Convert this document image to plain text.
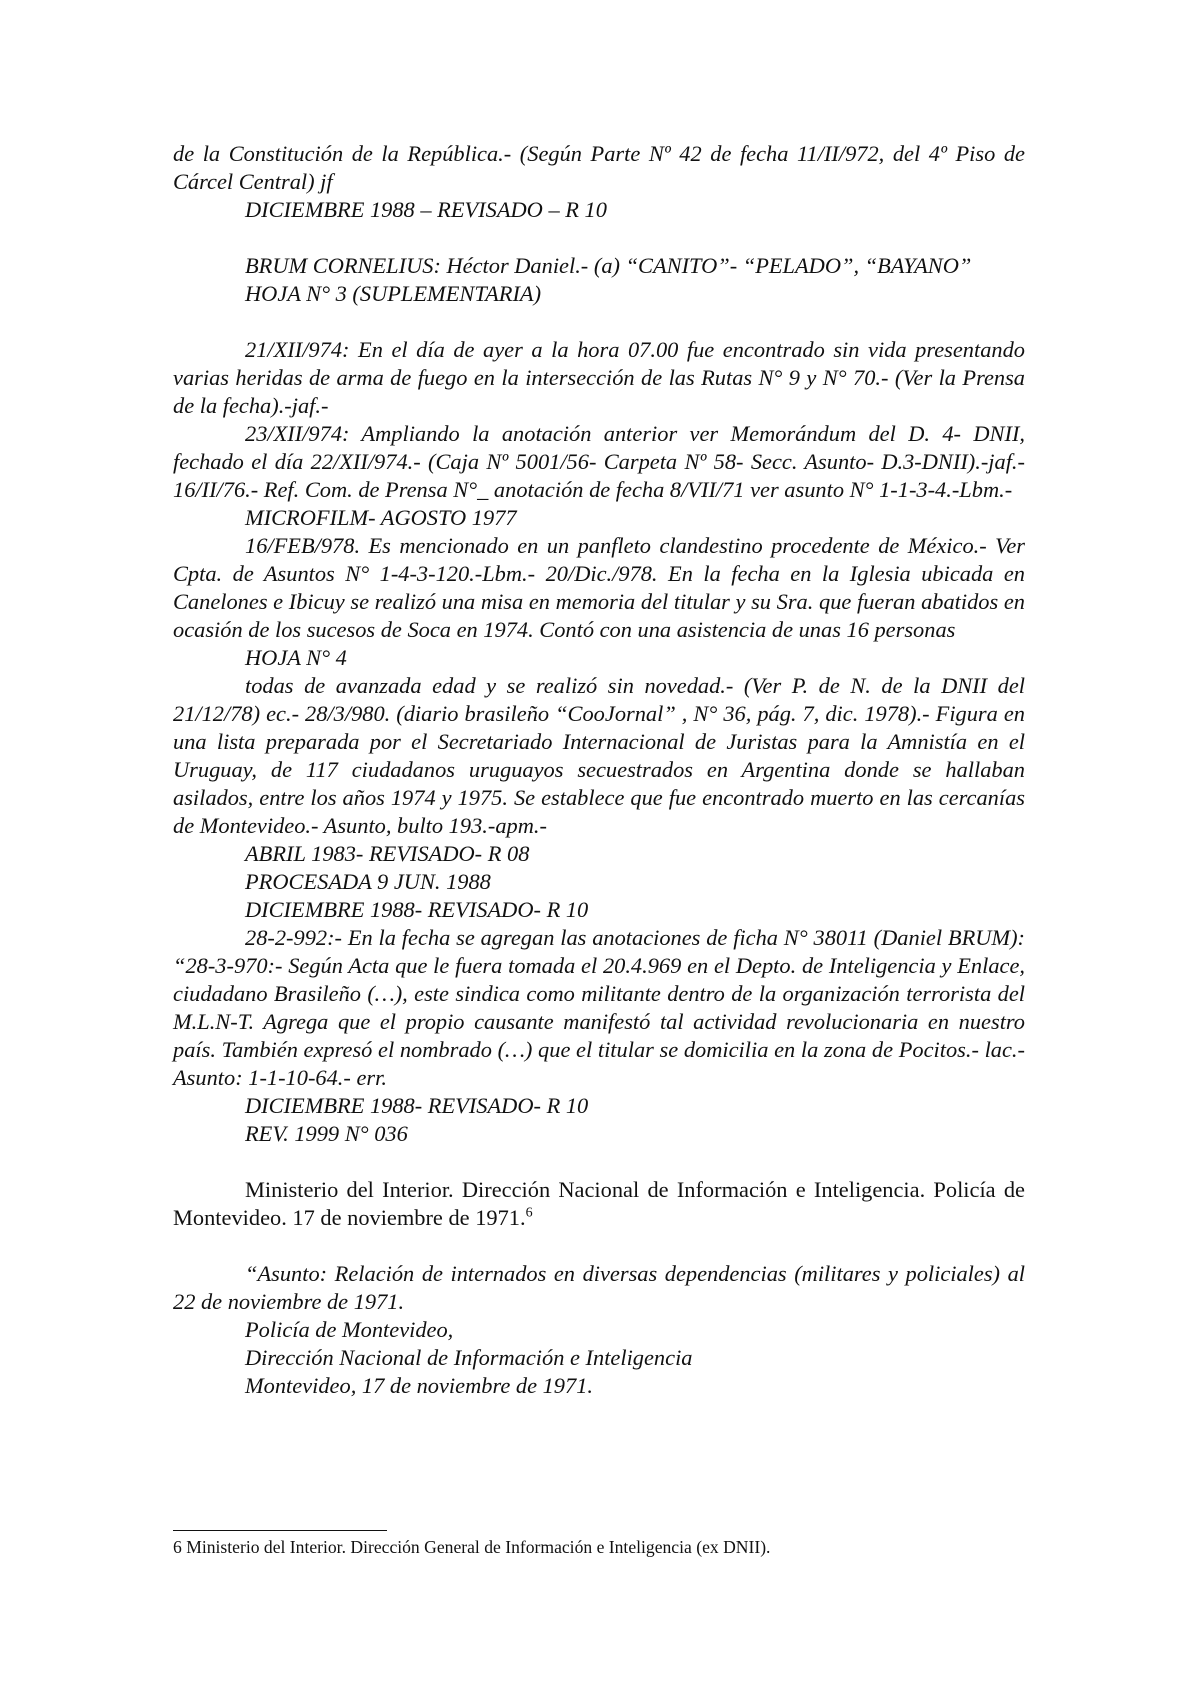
de la Constitución de la República.- (Según Parte Nº 42 de fecha 11/II/972, del 4º Piso de Cárcel Central) jf

DICIEMBRE 1988 – REVISADO – R 10

BRUM CORNELIUS: Héctor Daniel.- (a) “CANITO”- “PELADO”, “BAYANO”

HOJA N° 3 (SUPLEMENTARIA)

21/XII/974: En el día de ayer a la hora 07.00 fue encontrado sin vida presentando varias heridas de arma de fuego en la intersección de las Rutas N° 9 y N° 70.- (Ver la Prensa de la fecha).-jaf.-

23/XII/974: Ampliando la anotación anterior ver Memorándum del D. 4- DNII, fechado el día 22/XII/974.- (Caja Nº 5001/56- Carpeta Nº 58- Secc. Asunto- D.3-DNII).-jaf.- 16/II/76.- Ref. Com. de Prensa N°_ anotación de fecha 8/VII/71 ver asunto N° 1-1-3-4.-Lbm.-

MICROFILM- AGOSTO 1977

16/FEB/978. Es mencionado en un panfleto clandestino procedente de México.- Ver Cpta. de Asuntos N° 1-4-3-120.-Lbm.- 20/Dic./978. En la fecha en la Iglesia ubicada en Canelones e Ibicuy se realizó una misa en memoria del titular y su Sra. que fueran abatidos en ocasión de los sucesos de Soca en 1974. Contó con una asistencia de unas 16 personas

HOJA N° 4

todas de avanzada edad y se realizó sin novedad.- (Ver P. de N. de la DNII del 21/12/78) ec.- 28/3/980. (diario brasileño “CooJornal” , N° 36, pág. 7, dic. 1978).- Figura en una lista preparada por el Secretariado Internacional de Juristas para la Amnistía en el Uruguay, de 117 ciudadanos uruguayos secuestrados en Argentina donde se hallaban asilados, entre los años 1974 y 1975. Se establece que fue encontrado muerto en las cercanías de Montevideo.- Asunto, bulto 193.-apm.-

ABRIL 1983- REVISADO- R 08

PROCESADA 9 JUN. 1988

DICIEMBRE 1988- REVISADO- R 10

28-2-992:- En la fecha se agregan las anotaciones de ficha N° 38011 (Daniel BRUM): “28-3-970:- Según Acta que le fuera tomada el 20.4.969 en el Depto. de Inteligencia y Enlace, ciudadano Brasileño (…), este sindica como militante dentro de la organización terrorista del M.L.N-T. Agrega que el propio causante manifestó tal actividad revolucionaria en nuestro país. También expresó el nombrado (…) que el titular se domicilia en la zona de Pocitos.- lac.- Asunto: 1-1-10-64.- err.

DICIEMBRE 1988- REVISADO- R 10

REV. 1999 N° 036

Ministerio del Interior. Dirección Nacional de Información e Inteligencia. Policía de Montevideo. 17 de noviembre de 1971.$^6$

“Asunto: Relación de internados en diversas dependencias (militares y policiales) al 22 de noviembre de 1971.

Policía de Montevideo,

Dirección Nacional de Información e Inteligencia

Montevideo, 17 de noviembre de 1971.

6 Ministerio del Interior. Dirección General de Información e Inteligencia (ex DNII).
